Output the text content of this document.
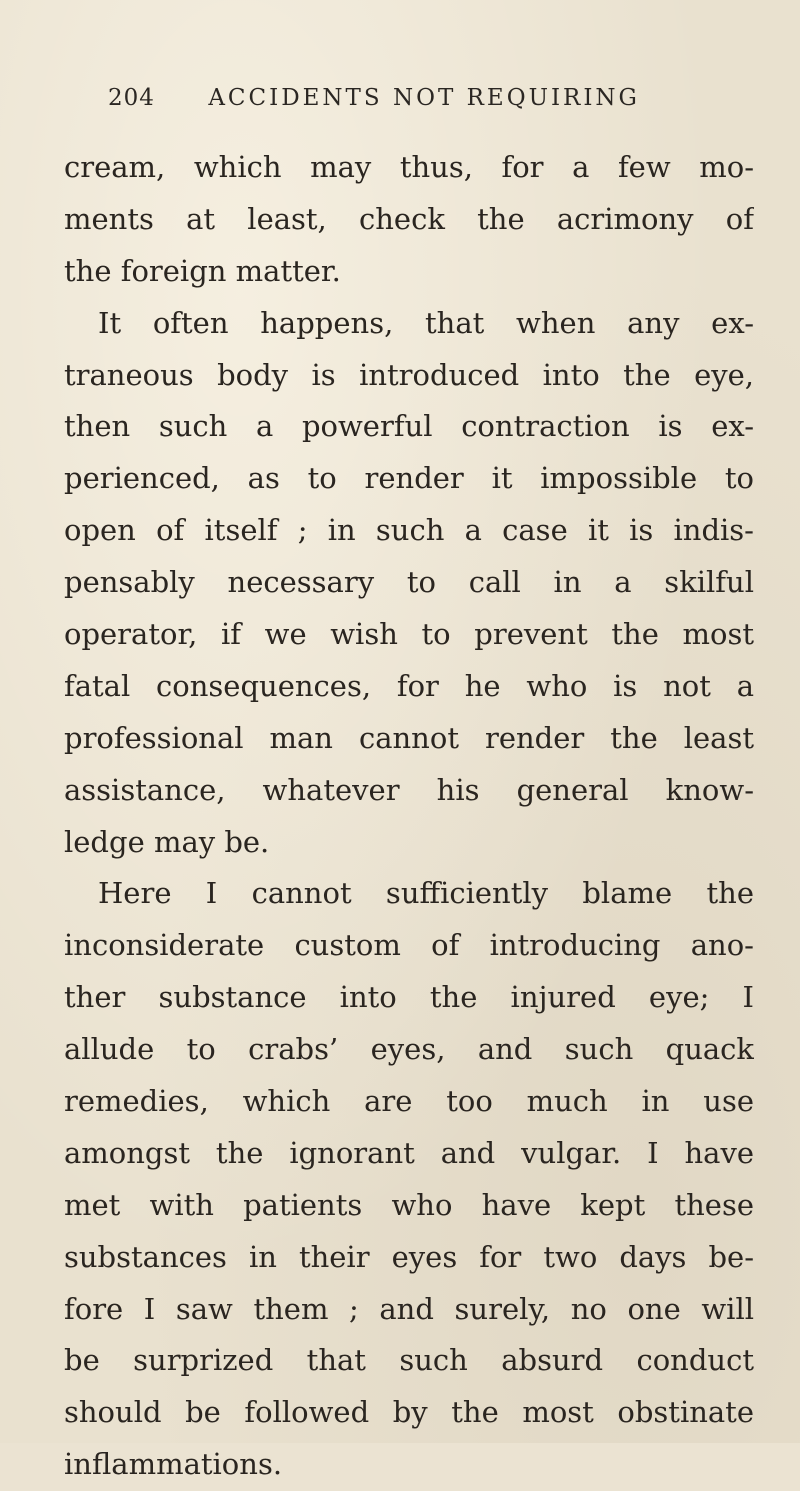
204 ACCIDENTS NOT REQUIRING
cream, which may thus, for a few mo-
ments at least, check the acrimony of
the foreign matter.
It often happens, that when any ex-
traneous body is introduced into the eye,
then such a powerful contraction is ex-
perienced, as to render it impossible to
open of itself ; in such a case it is indis-
pensably necessary to call in a skilful
operator, if we wish to prevent the most
fatal consequences, for he who is not a
professional man cannot render the least
assistance, whatever his general know-
ledge may be.
Here I cannot sufficiently blame the
inconsiderate custom of introducing ano-
ther substance into the injured eye; I
allude to crabs’ eyes, and such quack
remedies, which are too much in use
amongst the ignorant and vulgar. I have
met with patients who have kept these
substances in their eyes for two days be-
fore I saw them ; and surely, no one will
be surprized that such absurd conduct
should be followed by the most obstinate
inflammations.
